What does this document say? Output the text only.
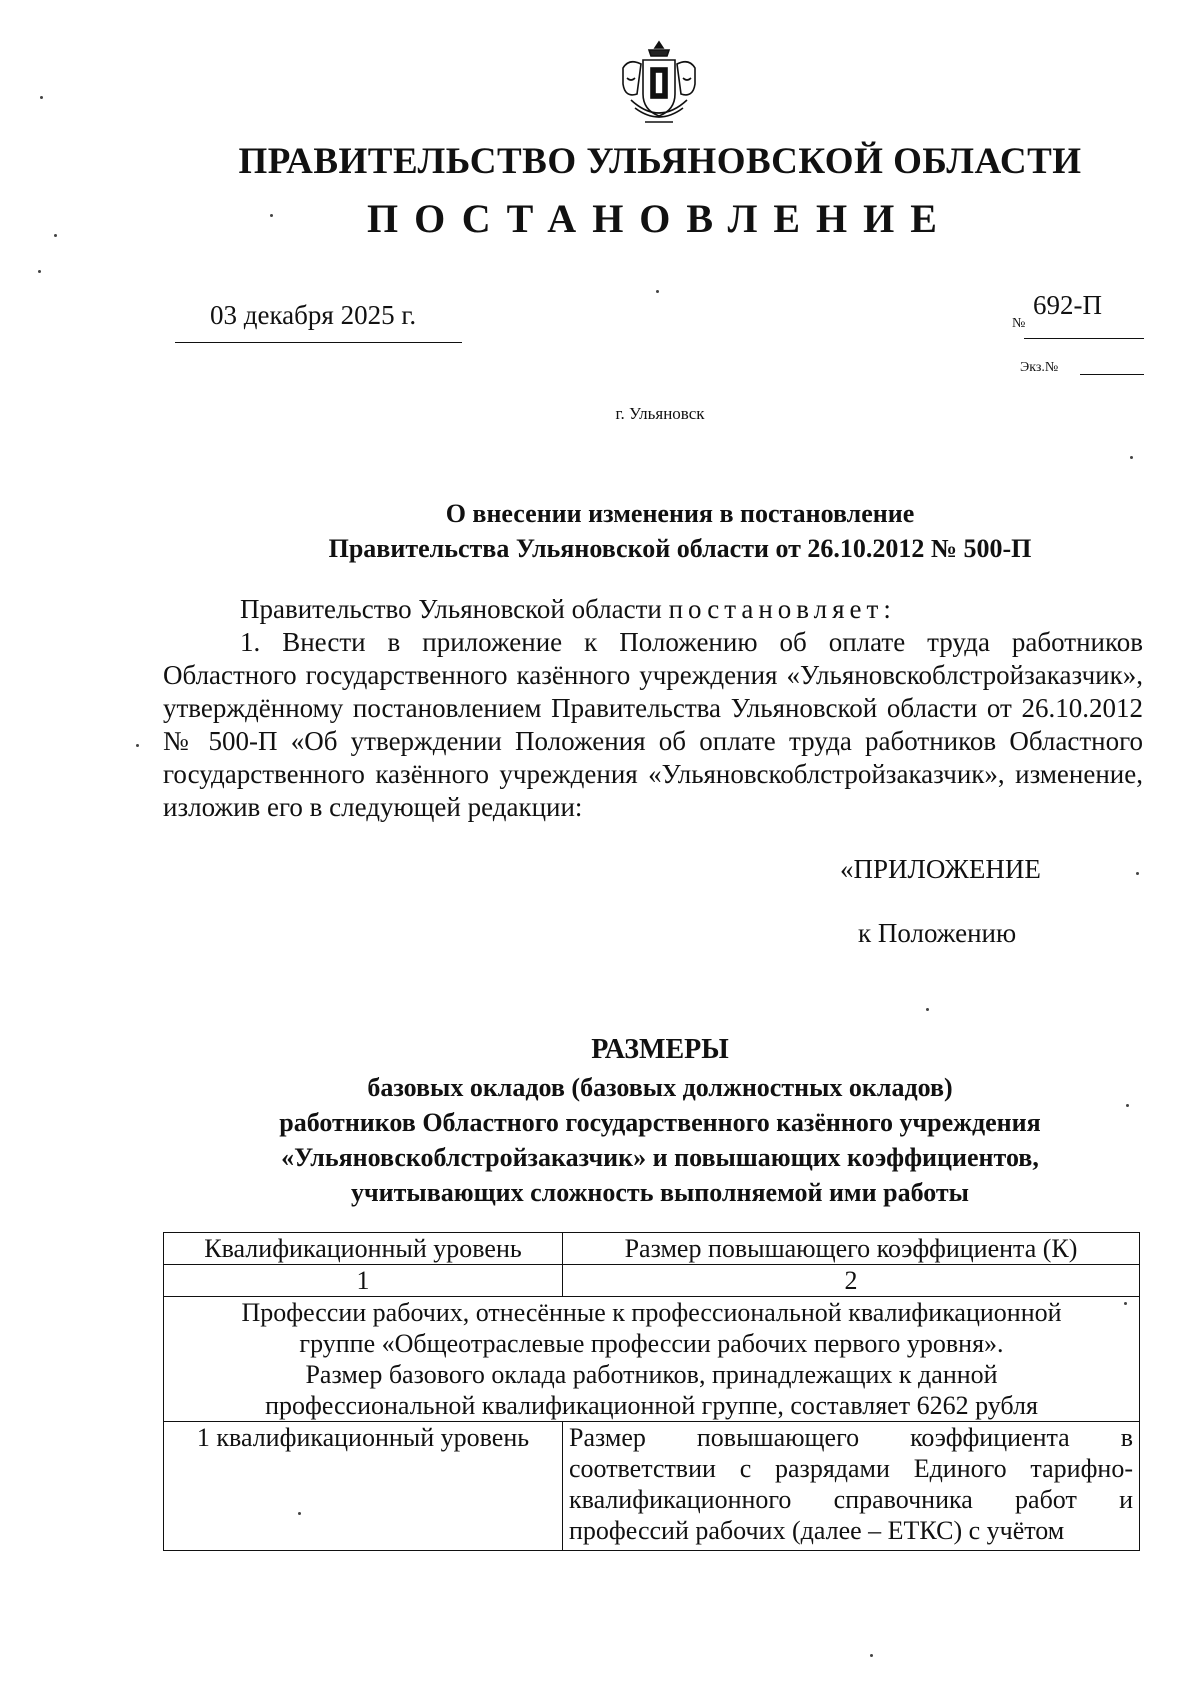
ПРАВИТЕЛЬСТВО УЛЬЯНОВСКОЙ ОБЛАСТИ
ПОСТАНОВЛЕНИЕ
03 декабря 2025 г.	№
692-П
Экз.№
г. Ульяновск
О внесении изменения в постановление
Правительства Ульяновской области от 26.10.2012 № 500-П
Правительство Ульяновской области постановляет:
1. Внести в приложение к Положению об оплате труда работников Областного государственного казённого учреждения «Ульяновскоблстройзаказчик», утверждённому постановлением Правительства Ульяновской области от 26.10.2012 № 500-П «Об утверждении Положения об оплате труда работников Областного государственного казённого учреждения «Ульяновскоблстройзаказчик», изменение, изложив его в следующей редакции:
«ПРИЛОЖЕНИЕ
к Положению
РАЗМЕРЫ
базовых окладов (базовых должностных окладов)
работников Областного государственного казённого учреждения
«Ульяновскоблстройзаказчик» и повышающих коэффициентов,
учитывающих сложность выполняемой ими работы
Квалификационный уровень	Размер повышающего коэффициента (К)
1	2

Профессии рабочих, отнесённые к профессиональной квалификационной
группе «Общеотраслевые профессии рабочих первого уровня».
Размер базового оклада работников, принадлежащих к данной
профессиональной квалификационной группе, составляет 6262 рубля	

1 квалификационный уровень	Размер повышающего коэффициента в соответствии с разрядами Единого тарифно-квалификационного справочника работ и профессий рабочих (далее – ЕТКС) с учётом
